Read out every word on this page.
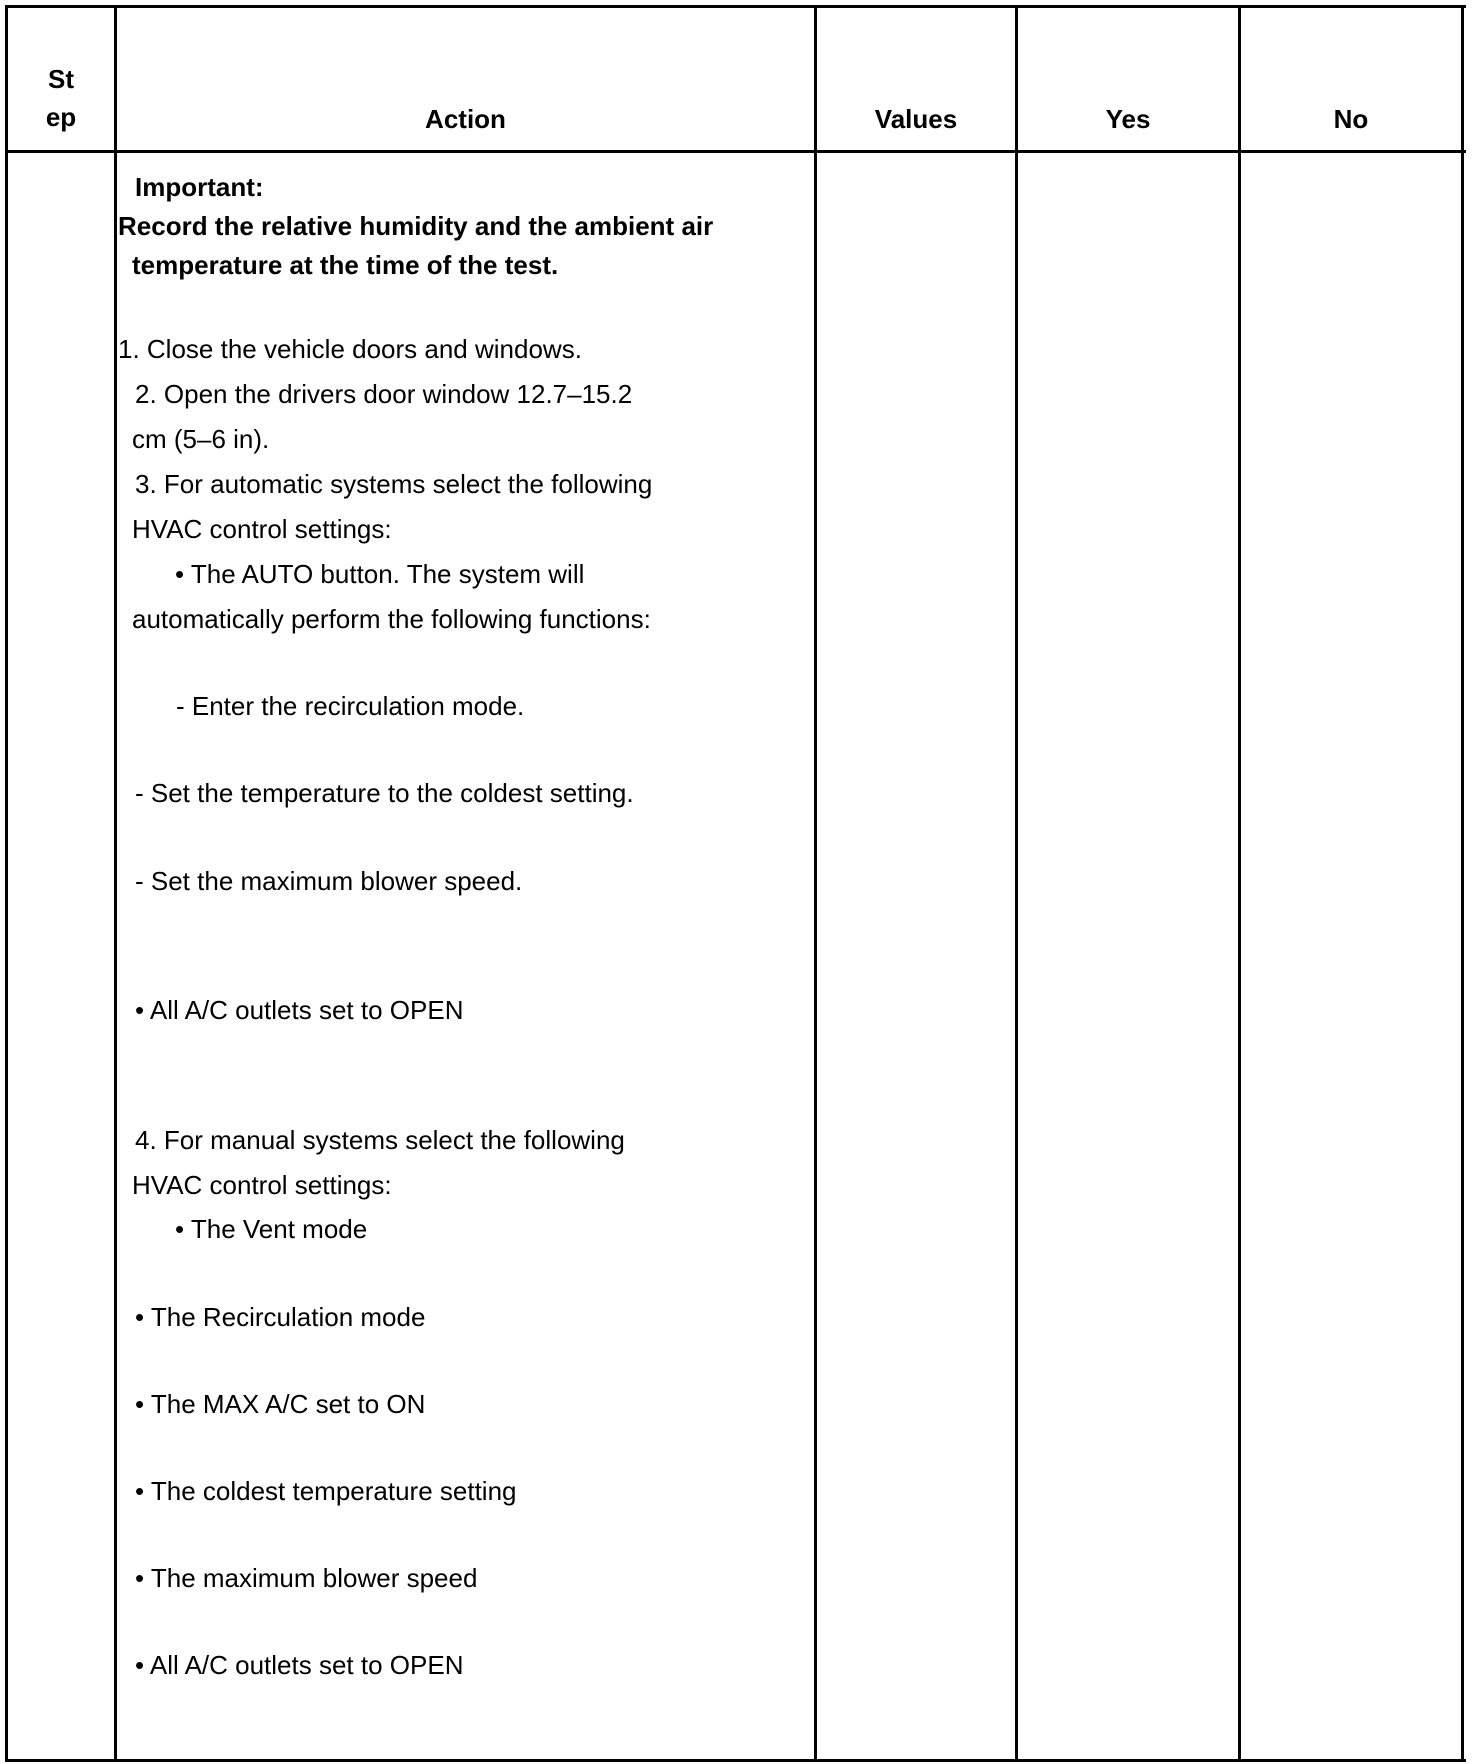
St
ep	Action	Values	Yes	No
Important:
Record the relative humidity and the ambient air
temperature at the time of the test.
1. Close the vehicle doors and windows.
2. Open the drivers door window 12.7–15.2
cm (5–6 in).
3. For automatic systems select the following
HVAC control settings:
• The AUTO button. The system will
automatically perform the following functions:
- Enter the recirculation mode.
- Set the temperature to the coldest setting.
- Set the maximum blower speed.
• All A/C outlets set to OPEN
4. For manual systems select the following
HVAC control settings:
• The Vent mode
• The Recirculation mode
• The MAX A/C set to ON
• The coldest temperature setting
• The maximum blower speed
• All A/C outlets set to OPEN
